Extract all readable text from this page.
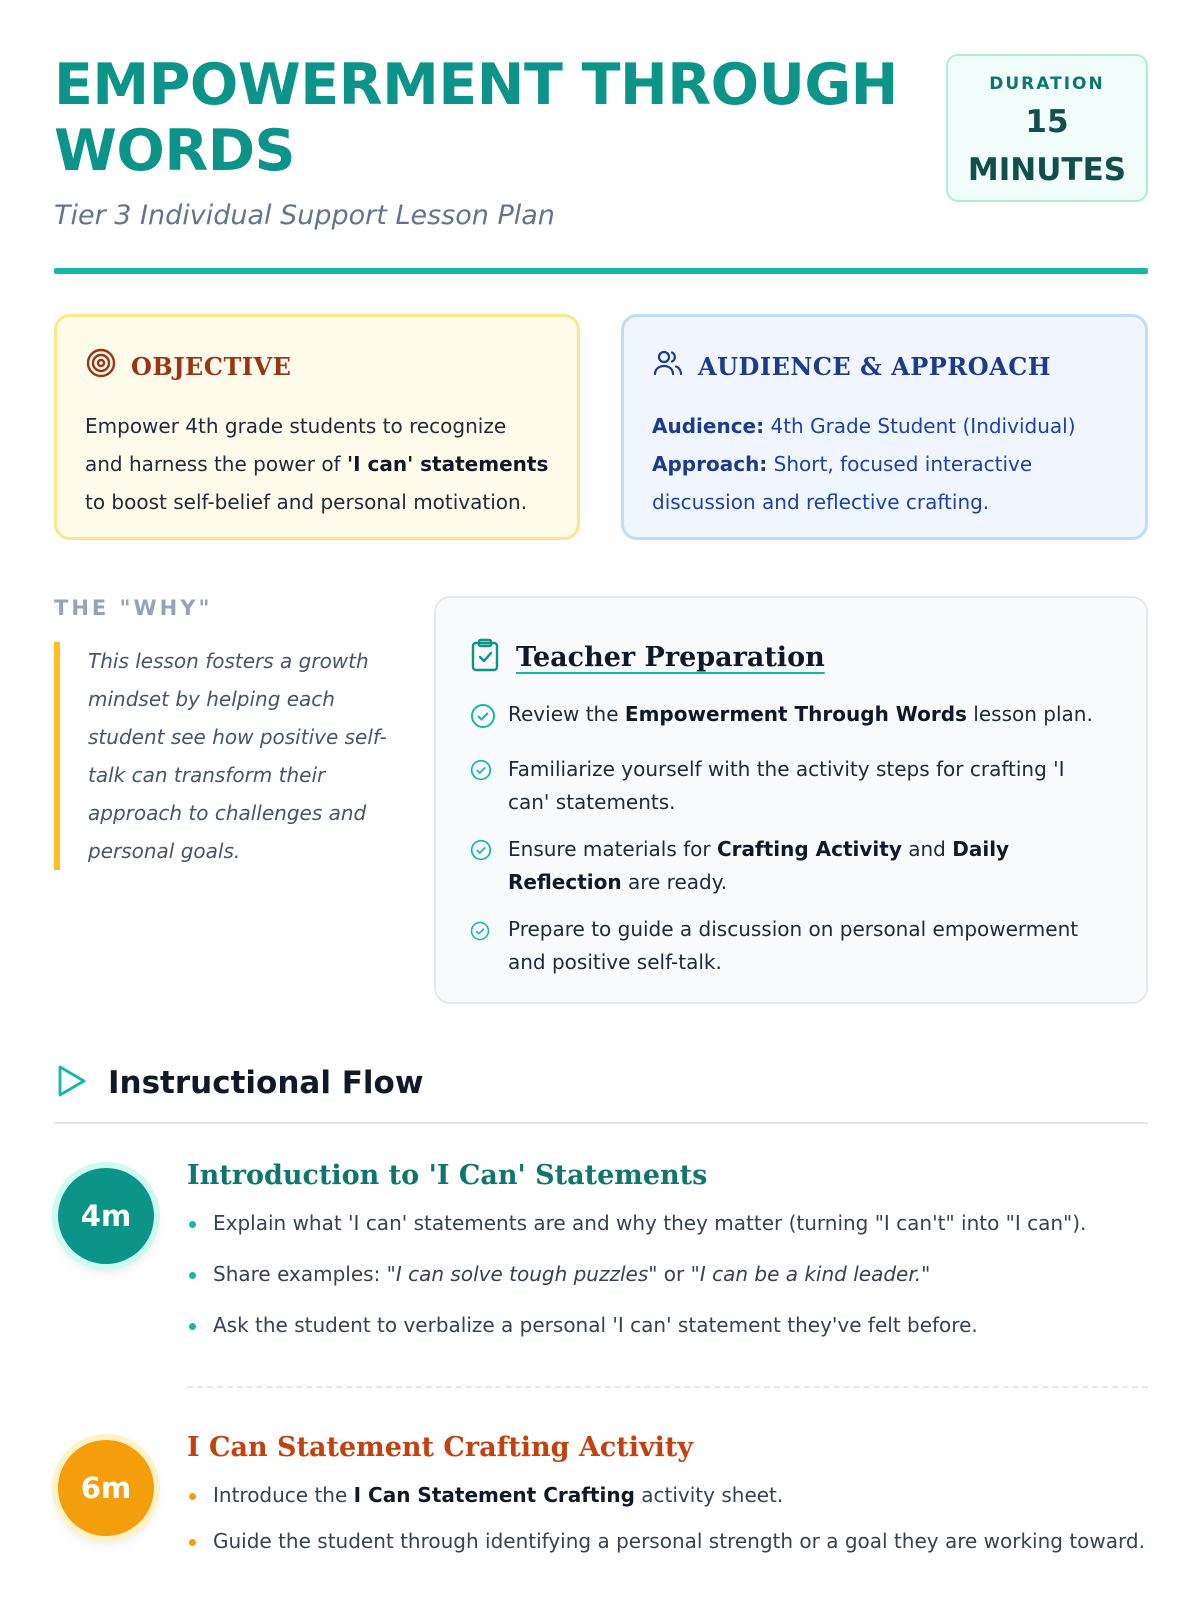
EMPOWERMENT THROUGH WORDS
Tier 3 Individual Support Lesson Plan
DURATION
15
MINUTES
OBJECTIVE

Empower 4th grade students to recognize and harness the power of 'I can' statements to boost self-belief and personal motivation.

AUDIENCE & APPROACH
Audience: 4th Grade Student (Individual)
Approach: Short, focused interactive discussion and reflective crafting.
THE "WHY"

This lesson fosters a growth mindset by helping each student see how positive self-talk can transform their approach to challenges and personal goals.

Teacher Preparation
Review the Empowerment Through Words lesson plan.
Familiarize yourself with the activity steps for crafting 'I can' statements.
Ensure materials for Crafting Activity and Daily Reflection are ready.
Prepare to guide a discussion on personal empowerment and positive self-talk.
Instructional Flow
4m
Introduction to 'I Can' Statements
Explain what 'I can' statements are and why they matter (turning "I can't" into "I can").
Share examples: "I can solve tough puzzles" or "I can be a kind leader."
Ask the student to verbalize a personal 'I can' statement they've felt before.
6m
I Can Statement Crafting Activity
Introduce the I Can Statement Crafting activity sheet.
Guide the student through identifying a personal strength or a goal they are working toward.
